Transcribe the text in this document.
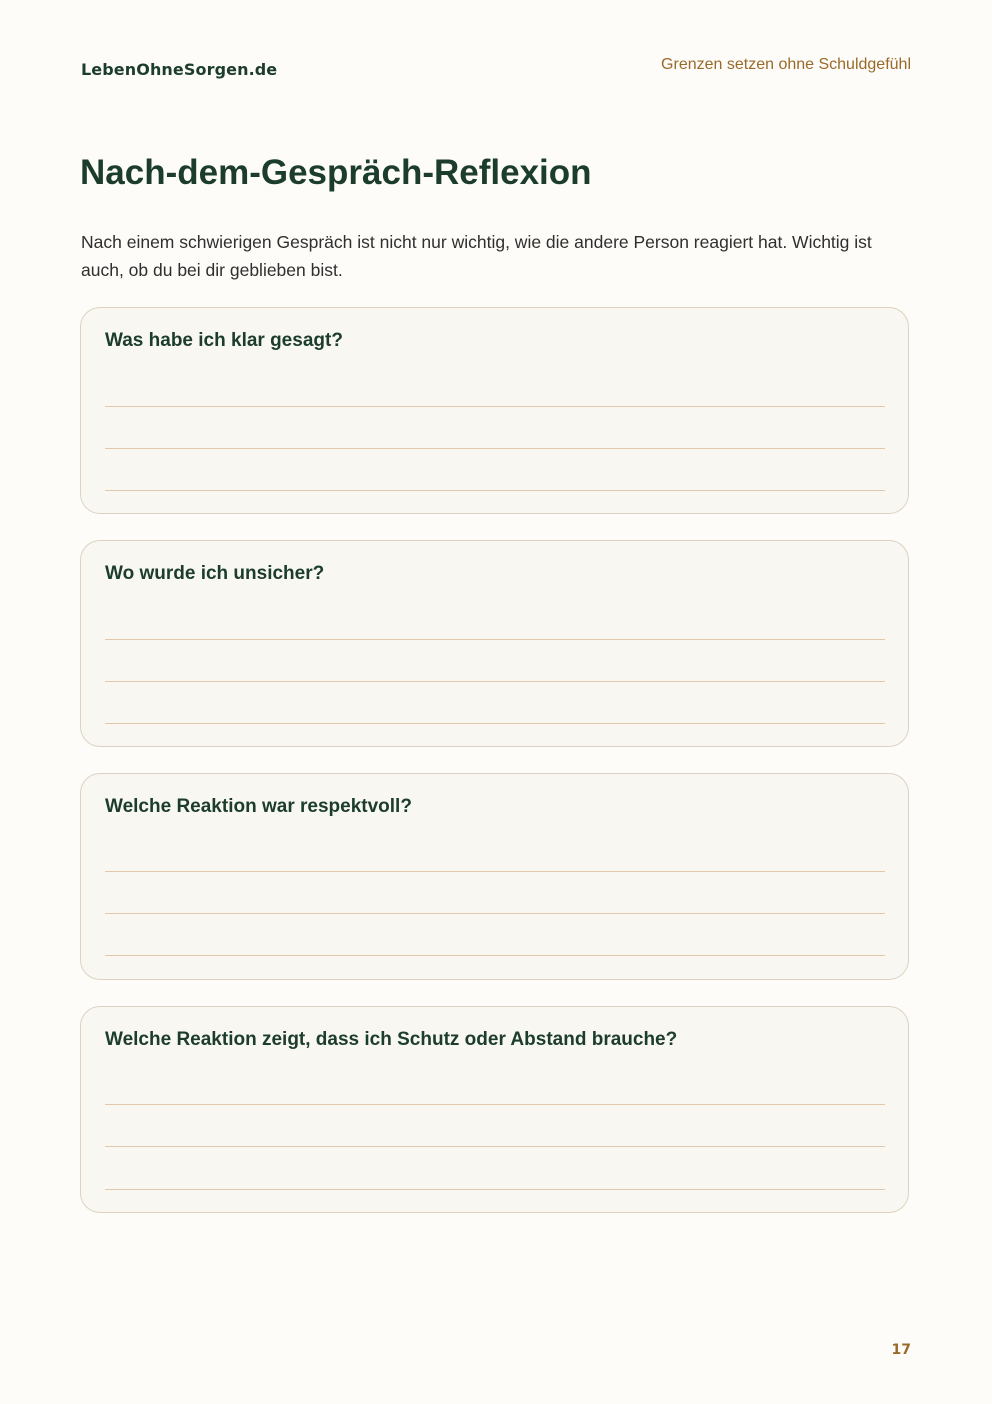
LebenOhneSorgen.de	Grenzen setzen ohne Schuldgefühl
Nach-dem-Gespräch-Reflexion

Nach einem schwierigen Gespräch ist nicht nur wichtig, wie die andere Person reagiert hat. Wichtig ist auch, ob du bei dir geblieben bist.

Was habe ich klar gesagt?

Wo wurde ich unsicher?

Welche Reaktion war respektvoll?

Welche Reaktion zeigt, dass ich Schutz oder Abstand brauche?

17
